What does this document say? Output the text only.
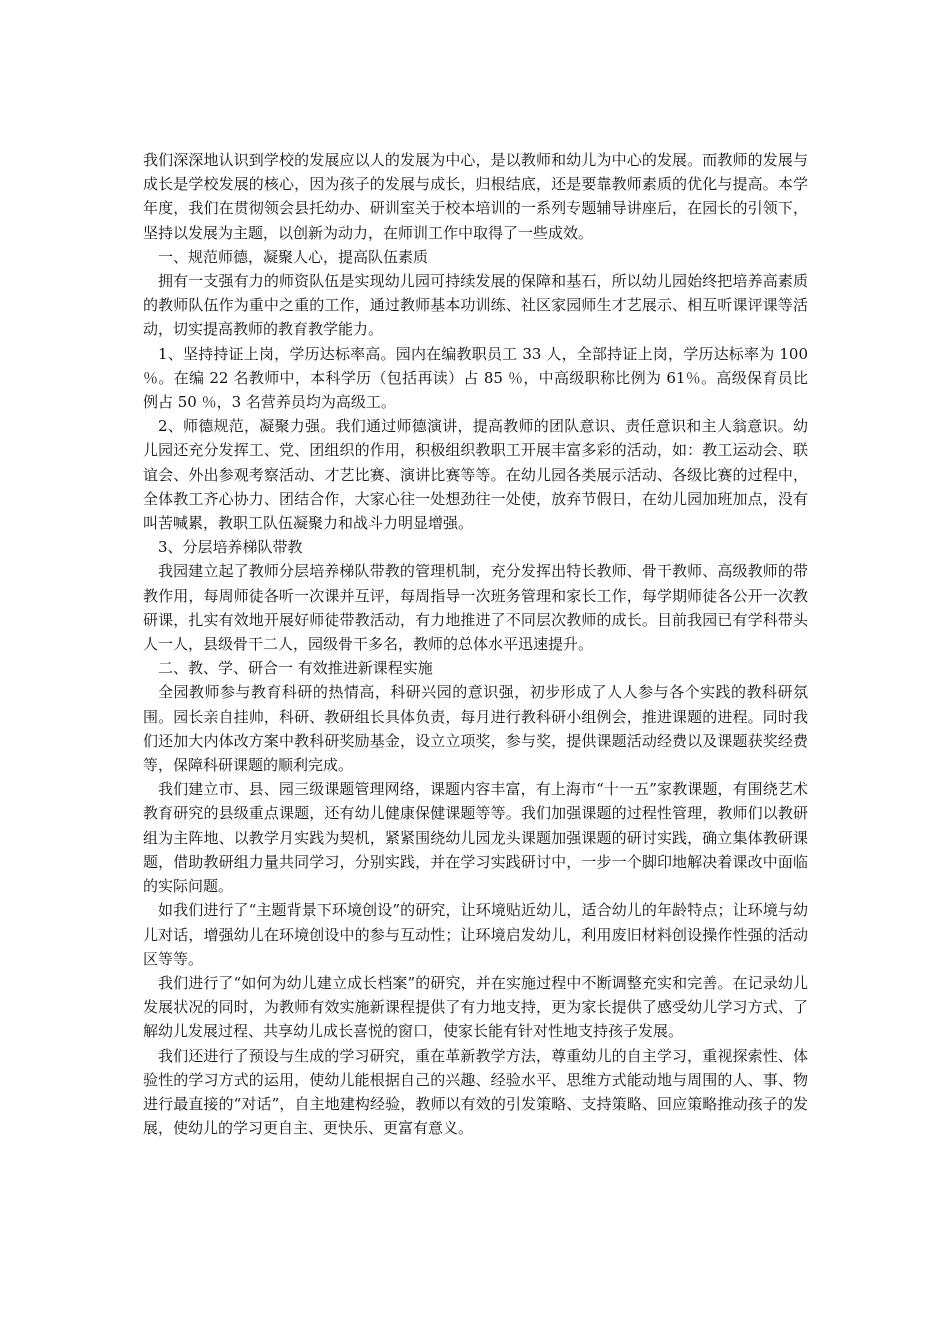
我们深深地认识到学校的发展应以人的发展为中心，是以教师和幼儿为中心的发展。而教师的发展与成长是学校发展的核心，因为孩子的发展与成长，归根结底，还是要靠教师素质的优化与提高。本学年度，我们在贯彻领会县托幼办、研训室关于校本培训的一系列专题辅导讲座后，在园长的引领下，坚持以发展为主题，以创新为动力，在师训工作中取得了一些成效。

一、规范师德，凝聚人心，提高队伍素质

拥有一支强有力的师资队伍是实现幼儿园可持续发展的保障和基石，所以幼儿园始终把培养高素质的教师队伍作为重中之重的工作，通过教师基本功训练、社区家园师生才艺展示、相互听课评课等活动，切实提高教师的教育教学能力。

1、坚持持证上岗，学历达标率高。园内在编教职员工 33 人，全部持证上岗，学历达标率为 100 ％。在编 22 名教师中，本科学历（包括再读）占 85 ％，中高级职称比例为 61％。高级保育员比例占 50 ％，3 名营养员均为高级工。

2、师德规范，凝聚力强。我们通过师德演讲，提高教师的团队意识、责任意识和主人翁意识。幼儿园还充分发挥工、党、团组织的作用，积极组织教职工开展丰富多彩的活动，如：教工运动会、联谊会、外出参观考察活动、才艺比赛、演讲比赛等等。在幼儿园各类展示活动、各级比赛的过程中，全体教工齐心协力、团结合作，大家心往一处想劲往一处使，放弃节假日，在幼儿园加班加点，没有叫苦喊累，教职工队伍凝聚力和战斗力明显增强。

3、分层培养梯队带教

我园建立起了教师分层培养梯队带教的管理机制，充分发挥出特长教师、骨干教师、高级教师的带教作用，每周师徒各听一次课并互评，每周指导一次班务管理和家长工作，每学期师徒各公开一次教研课，扎实有效地开展好师徒带教活动，有力地推进了不同层次教师的成长。目前我园已有学科带头人一人，县级骨干二人，园级骨干多名，教师的总体水平迅速提升。

二、教、学、研合一 有效推进新课程实施

全园教师参与教育科研的热情高，科研兴园的意识强，初步形成了人人参与各个实践的教科研氛围。园长亲自挂帅，科研、教研组长具体负责，每月进行教科研小组例会，推进课题的进程。同时我们还加大内体改方案中教科研奖励基金，设立立项奖，参与奖，提供课题活动经费以及课题获奖经费等，保障科研课题的顺利完成。

我们建立市、县、园三级课题管理网络，课题内容丰富，有上海市“十一五”家教课题，有围绕艺术教育研究的县级重点课题，还有幼儿健康保健课题等等。我们加强课题的过程性管理，教师们以教研组为主阵地、以教学月实践为契机，紧紧围绕幼儿园龙头课题加强课题的研讨实践，确立集体教研课题，借助教研组力量共同学习，分别实践，并在学习实践研讨中，一步一个脚印地解决着课改中面临的实际问题。

如我们进行了“主题背景下环境创设”的研究，让环境贴近幼儿，适合幼儿的年龄特点；让环境与幼儿对话，增强幼儿在环境创设中的参与互动性；让环境启发幼儿，利用废旧材料创设操作性强的活动区等等。

我们进行了“如何为幼儿建立成长档案”的研究，并在实施过程中不断调整充实和完善。在记录幼儿发展状况的同时，为教师有效实施新课程提供了有力地支持，更为家长提供了感受幼儿学习方式、了解幼儿发展过程、共享幼儿成长喜悦的窗口，使家长能有针对性地支持孩子发展。

我们还进行了预设与生成的学习研究，重在革新教学方法，尊重幼儿的自主学习，重视探索性、体验性的学习方式的运用，使幼儿能根据自己的兴趣、经验水平、思维方式能动地与周围的人、事、物进行最直接的“对话”，自主地建构经验，教师以有效的引发策略、支持策略、回应策略推动孩子的发展，使幼儿的学习更自主、更快乐、更富有意义。
